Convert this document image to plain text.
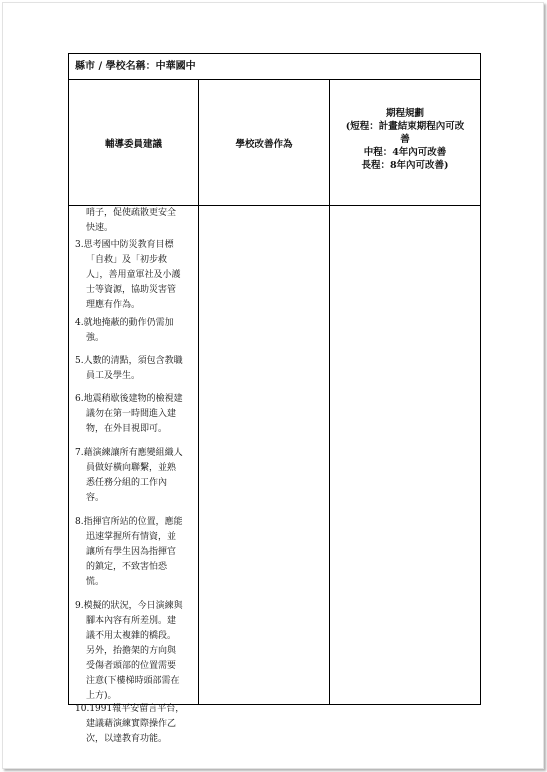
縣市 / 學校名稱：中華國中
輔導委員建議	學校改善作為
期程規劃
(短程：計畫結束期程內可改
善
中程：4年內可改善
長程：8年內可改善)
哨子，促使疏散更安全
快速。
3.思考國中防災教育目標
「自救」及「初步救
人」，善用童軍社及小護
士等資源，協助災害管
理應有作為。
4.就地掩蔽的動作仍需加
強。
5.人數的清點，須包含教職
員工及學生。
6.地震稍歇後建物的檢視建
議勿在第一時間進入建
物，在外目視即可。
7.藉演練讓所有應變組織人
員做好橫向聯繫，並熟
悉任務分組的工作內
容。
8.指揮官所站的位置，應能
迅速掌握所有情資，並
讓所有學生因為指揮官
的鎮定，不致害怕恐
慌。
9.模擬的狀況，今日演練與
腳本內容有所差別。建
議不用太複雜的橋段。
另外，抬擔架的方向與
受傷者頭部的位置需要
注意(下樓梯時頭部需在
上方)。
10.1991報平安留言平台，
建議藉演練實際操作乙
次，以達教育功能。
